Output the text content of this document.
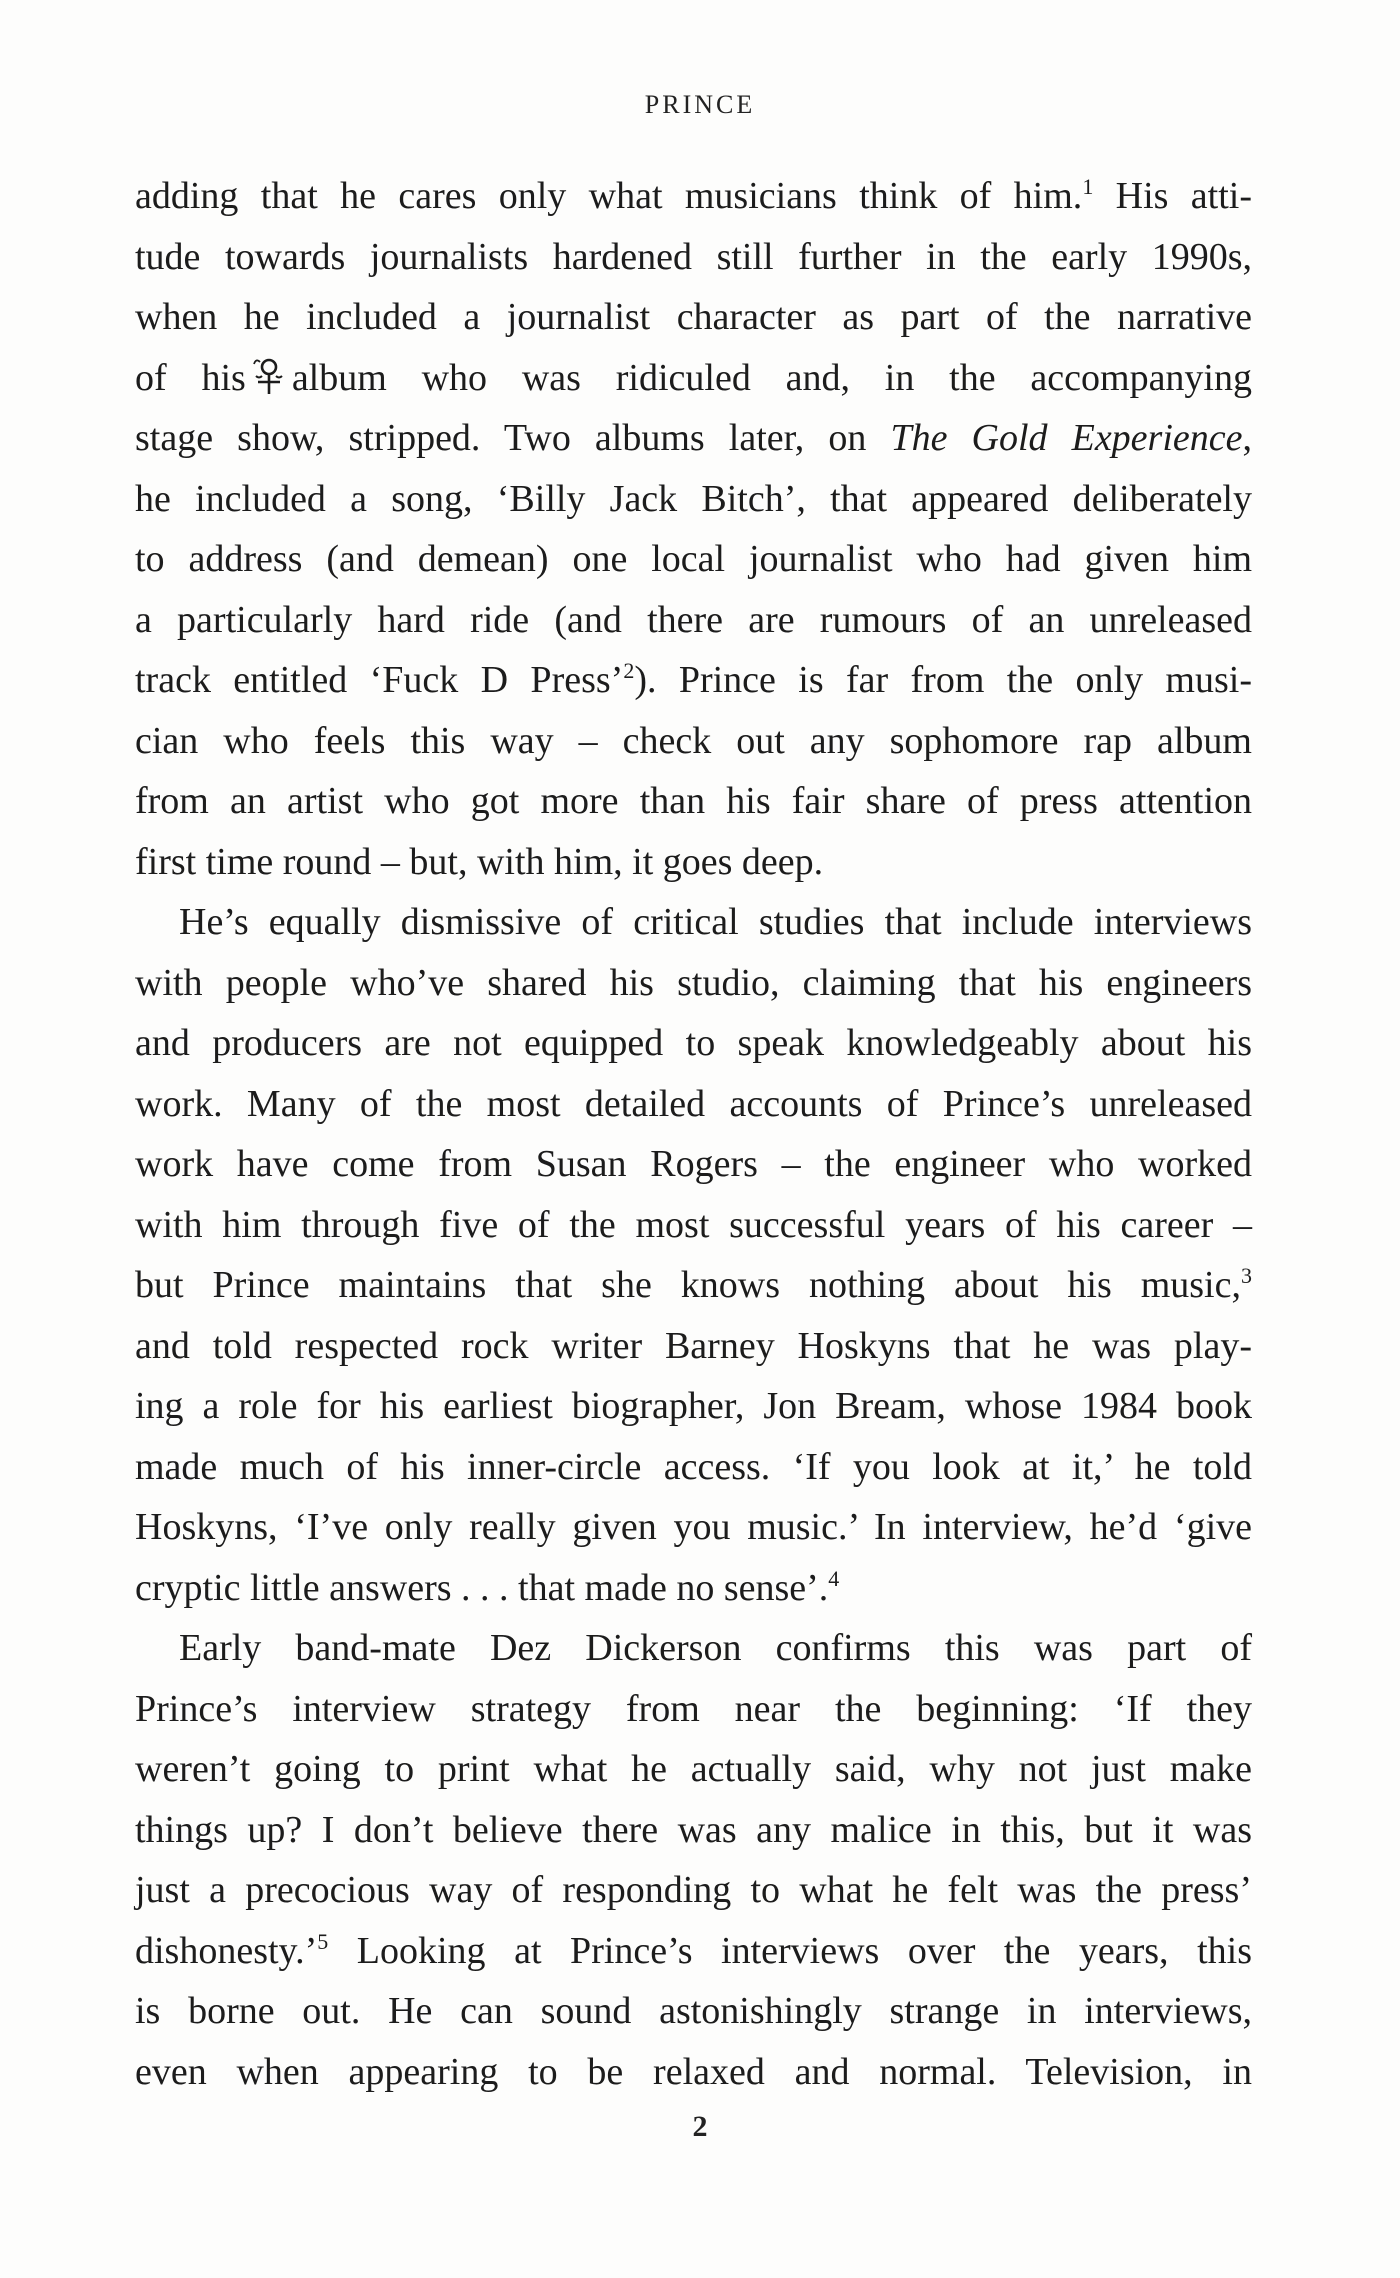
PRINCE
adding that he cares only what musicians think of him.$^1$ His atti-
tude towards journalists hardened still further in the early 1990s,
when he included a journalist character as part of the narrative
of his album who was ridiculed and, in the accompanying
stage show, stripped. Two albums later, on The Gold Experience,
he included a song, ‘Billy Jack Bitch’, that appeared deliberately
to address (and demean) one local journalist who had given him
a particularly hard ride (and there are rumours of an unreleased
track entitled ‘Fuck D Press’$^2$). Prince is far from the only musi-
cian who feels this way – check out any sophomore rap album
from an artist who got more than his fair share of press attention
first time round – but, with him, it goes deep.
He’s equally dismissive of critical studies that include interviews
with people who’ve shared his studio, claiming that his engineers
and producers are not equipped to speak knowledgeably about his
work. Many of the most detailed accounts of Prince’s unreleased
work have come from Susan Rogers – the engineer who worked
with him through five of the most successful years of his career –
but Prince maintains that she knows nothing about his music,$^3$
and told respected rock writer Barney Hoskyns that he was play-
ing a role for his earliest biographer, Jon Bream, whose 1984 book
made much of his inner-circle access. ‘If you look at it,’ he told
Hoskyns, ‘I’ve only really given you music.’ In interview, he’d ‘give
cryptic little answers . . . that made no sense’.$^4$
Early band-mate Dez Dickerson confirms this was part of
Prince’s interview strategy from near the beginning: ‘If they
weren’t going to print what he actually said, why not just make
things up? I don’t believe there was any malice in this, but it was
just a precocious way of responding to what he felt was the press’
dishonesty.’$^5$ Looking at Prince’s interviews over the years, this
is borne out. He can sound astonishingly strange in interviews,
even when appearing to be relaxed and normal. Television, in
2
